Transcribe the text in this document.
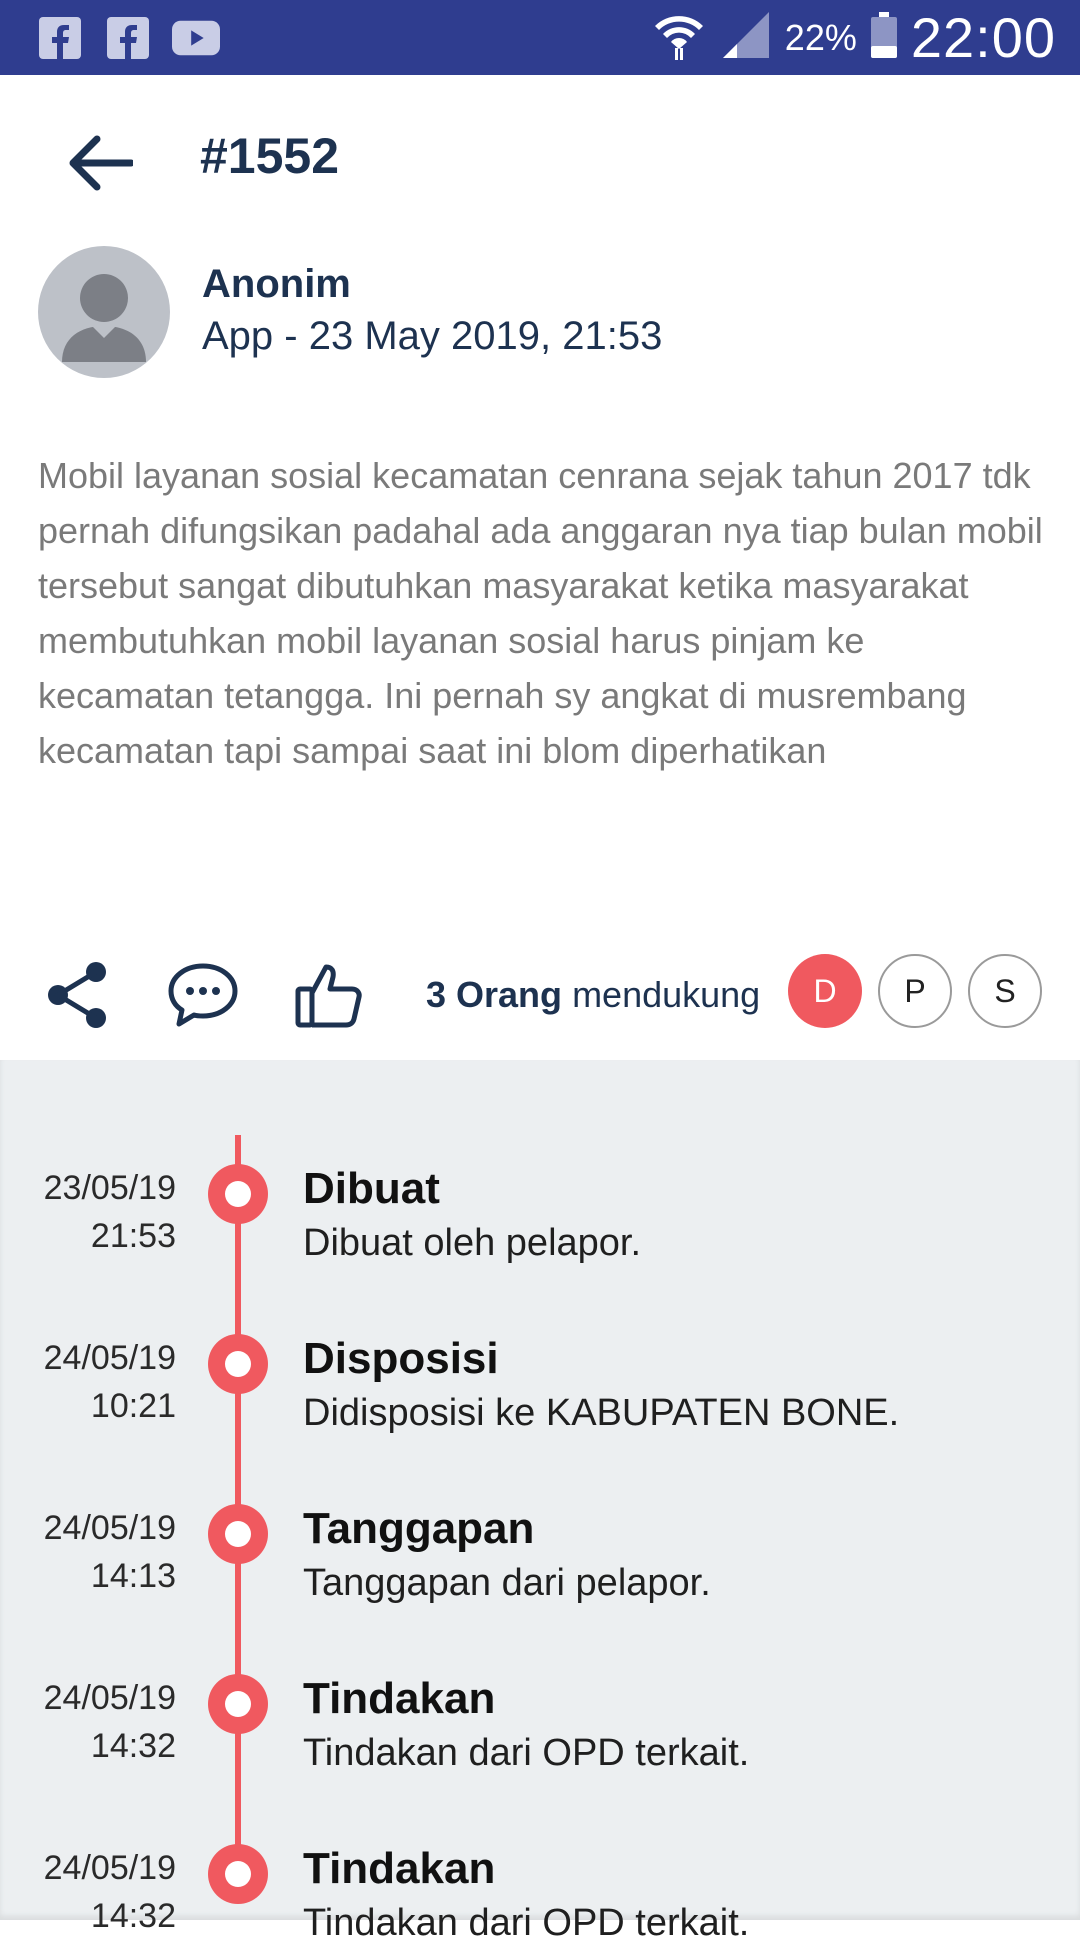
22% 22:00
#1552
Anonim
App - 23 May 2019, 21:53
Mobil layanan sosial kecamatan cenrana sejak tahun 2017 tdk pernah difungsikan padahal ada anggaran nya tiap bulan mobil tersebut sangat dibutuhkan masyarakat ketika masyarakat membutuhkan mobil layanan sosial harus pinjam ke kecamatan tetangga. Ini pernah sy angkat di musrembang kecamatan tapi sampai saat ini blom diperhatikan
3 Orang mendukung	D	P	S
23/05/19
21:53
Dibuat
Dibuat oleh pelapor.
24/05/19
10:21
Disposisi
Didisposisi ke KABUPATEN BONE.
24/05/19
14:13
Tanggapan
Tanggapan dari pelapor.
24/05/19
14:32
Tindakan
Tindakan dari OPD terkait.
24/05/19
14:32
Tindakan
Tindakan dari OPD terkait.
